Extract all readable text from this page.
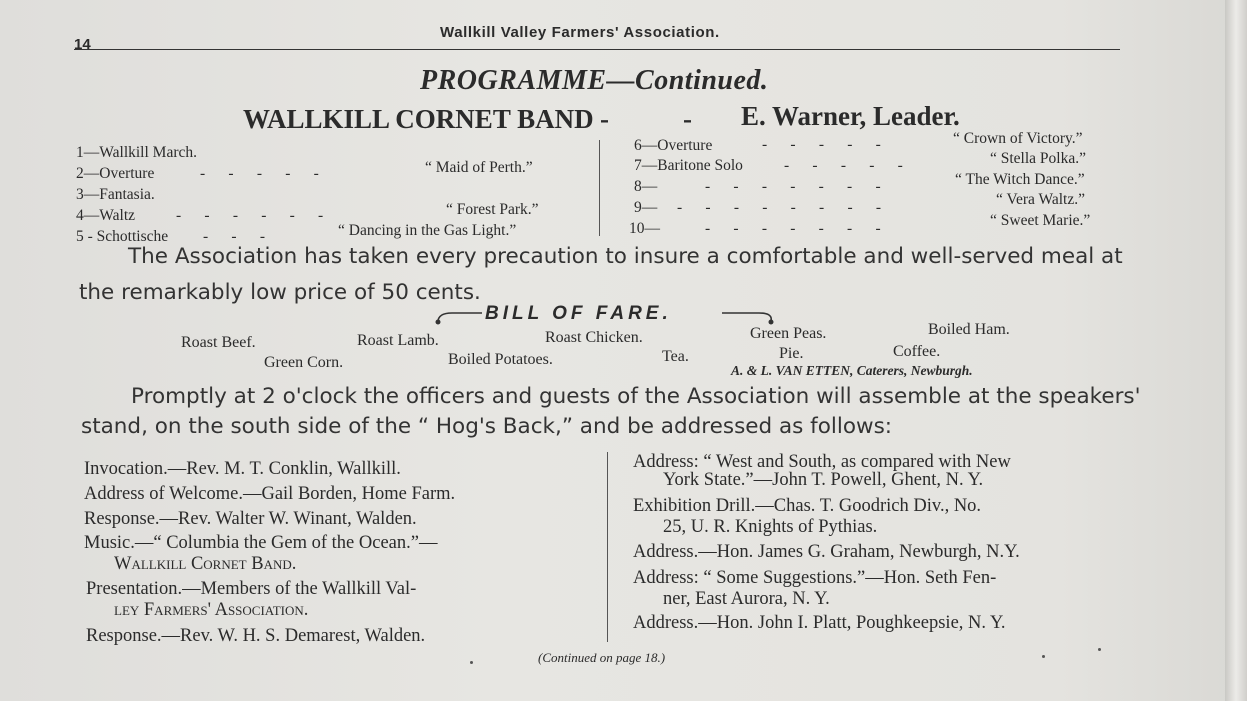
14
Wallkill Valley Farmers' Association.
PROGRAMME—Continued.
WALLKILL CORNET BAND -	- E. Warner, Leader.
1—Wallkill March.
2—Overture	-      -      -      -      -	“ Maid of Perth.”
3—Fantasia.
4—Waltz	-      -      -      -      -      -	“ Forest Park.”
5 - Schottische -      -      -	“ Dancing in the Gas Light.”
6—Overture	-      -      -      -      -	“ Crown of Victory.”
7—Baritone Solo	-      -      -      -      -	“ Stella Polka.”
8—	-      -      -      -      -      -      -	“ The Witch Dance.”
9— -      -      -      -      -      -      -      -	“ Vera Waltz.”
10—	-      -      -      -      -      -      -	“ Sweet Marie.”
The Association has taken every precaution to insure a comfortable and well-served meal at
the remarkably low price of 50 cents.
BILL OF FARE.
Roast Beef.	Roast Lamb.	Roast Chicken.	Green Peas.	Boiled Ham.
Green Corn.	Boiled Potatoes.	Tea.	Pie.	Coffee.
A. & L. VAN ETTEN, Caterers, Newburgh.
Promptly at 2 o'clock the officers and guests of the Association will assemble at the speakers'
stand, on the south side of the “ Hog's Back,” and be addressed as follows:
Invocation.—Rev. M. T. Conklin, Wallkill.
Address of Welcome.—Gail Borden, Home Farm.
Response.—Rev. Walter W. Winant, Walden.
Music.—“ Columbia the Gem of the Ocean.”—
Wallkill Cornet Band.
Presentation.—Members of the Wallkill Val-
ley Farmers' Association.
Response.—Rev. W. H. S. Demarest, Walden.
Address: “ West and South, as compared with New
York State.”—John T. Powell, Ghent, N. Y.
Exhibition Drill.—Chas. T. Goodrich Div., No.
25, U. R. Knights of Pythias.
Address.—Hon. James G. Graham, Newburgh, N.Y.
Address: “ Some Suggestions.”—Hon. Seth Fen-
ner, East Aurora, N. Y.
Address.—Hon. John I. Platt, Poughkeepsie, N. Y.
(Continued on page 18.)
